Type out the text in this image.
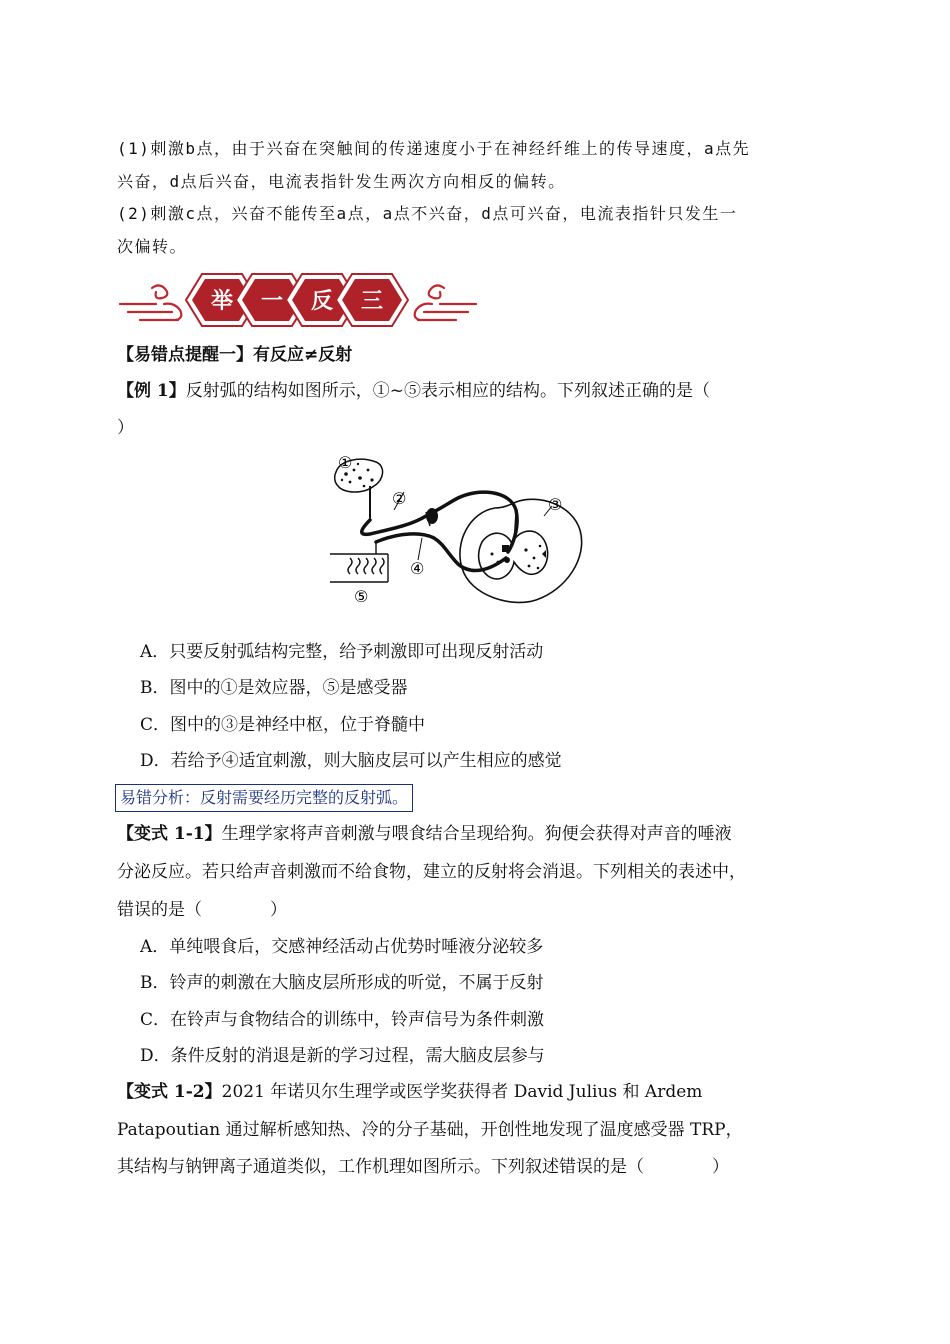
(1)刺激b点，由于兴奋在突触间的传递速度小于在神经纤维上的传导速度，a点先
兴奋，d点后兴奋，电流表指针发生两次方向相反的偏转。
(2)刺激c点，兴奋不能传至a点，a点不兴奋，d点可兴奋，电流表指针只发生一
次偏转。
举 一 反 三
【易错点提醒一】有反应≠反射
【例 1】反射弧的结构如图所示，①~⑤表示相应的结构。下列叙述正确的是（
）
①
②	③
④
⑤
A．只要反射弧结构完整，给予刺激即可出现反射活动
B．图中的①是效应器，⑤是感受器
C．图中的③是神经中枢，位于脊髓中
D．若给予④适宜刺激，则大脑皮层可以产生相应的感觉
易错分析：反射需要经历完整的反射弧。
【变式 1-1】生理学家将声音刺激与喂食结合呈现给狗。狗便会获得对声音的唾液
分泌反应。若只给声音刺激而不给食物，建立的反射将会消退。下列相关的表述中，
错误的是（　　　　）
A．单纯喂食后，交感神经活动占优势时唾液分泌较多
B．铃声的刺激在大脑皮层所形成的听觉，不属于反射
C．在铃声与食物结合的训练中，铃声信号为条件刺激
D．条件反射的消退是新的学习过程，需大脑皮层参与
【变式 1-2】2021 年诺贝尔生理学或医学奖获得者 David Julius 和 Ardem
Patapoutian 通过解析感知热、冷的分子基础，开创性地发现了温度感受器 TRP，
其结构与钠钾离子通道类似，工作机理如图所示。下列叙述错误的是（　　　　）
